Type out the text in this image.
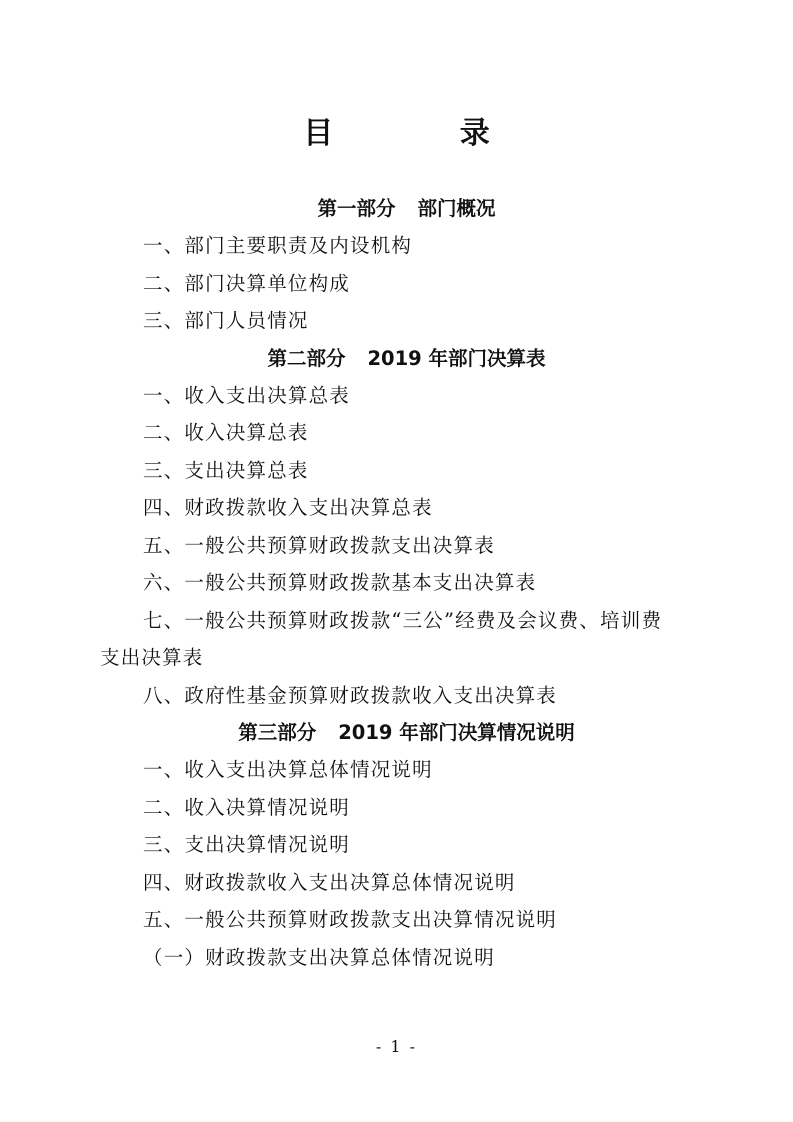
目 录
第一部分 部门概况
一、部门主要职责及内设机构
二、部门决算单位构成
三、部门人员情况
第二部分 2019 年部门决算表
一、收入支出决算总表
二、收入决算总表
三、支出决算总表
四、财政拨款收入支出决算总表
五、一般公共预算财政拨款支出决算表
六、一般公共预算财政拨款基本支出决算表
七、一般公共预算财政拨款“三公”经费及会议费、培训费
支出决算表
八、政府性基金预算财政拨款收入支出决算表
第三部分 2019 年部门决算情况说明
一、收入支出决算总体情况说明
二、收入决算情况说明
三、支出决算情况说明
四、财政拨款收入支出决算总体情况说明
五、一般公共预算财政拨款支出决算情况说明
（一）财政拨款支出决算总体情况说明
- 1 -
